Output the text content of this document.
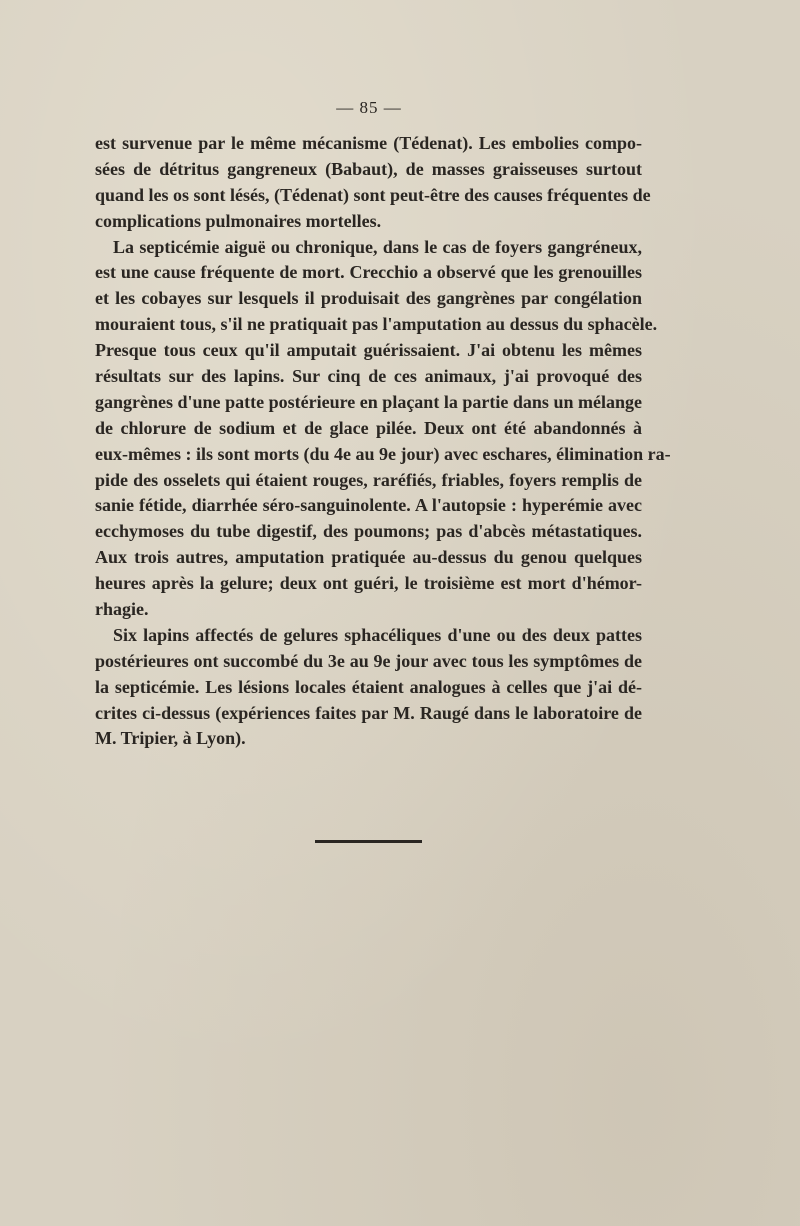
— 85 —
est survenue par le même mécanisme (Tédenat). Les embolies compo-
sées de détritus gangreneux (Babaut), de masses graisseuses surtout
quand les os sont lésés, (Tédenat) sont peut-être des causes fréquentes de
complications pulmonaires mortelles.
La septicémie aiguë ou chronique, dans le cas de foyers gangréneux,
est une cause fréquente de mort. Crecchio a observé que les grenouilles
et les cobayes sur lesquels il produisait des gangrènes par congélation
mouraient tous, s'il ne pratiquait pas l'amputation au dessus du sphacèle.
Presque tous ceux qu'il amputait guérissaient. J'ai obtenu les mêmes
résultats sur des lapins. Sur cinq de ces animaux, j'ai provoqué des
gangrènes d'une patte postérieure en plaçant la partie dans un mélange
de chlorure de sodium et de glace pilée. Deux ont été abandonnés à
eux-mêmes : ils sont morts (du 4e au 9e jour) avec eschares, élimination ra-
pide des osselets qui étaient rouges, raréfiés, friables, foyers remplis de
sanie fétide, diarrhée séro-sanguinolente. A l'autopsie : hyperémie avec
ecchymoses du tube digestif, des poumons; pas d'abcès métastatiques.
Aux trois autres, amputation pratiquée au-dessus du genou quelques
heures après la gelure; deux ont guéri, le troisième est mort d'hémor-
rhagie.
Six lapins affectés de gelures sphacéliques d'une ou des deux pattes
postérieures ont succombé du 3e au 9e jour avec tous les symptômes de
la septicémie. Les lésions locales étaient analogues à celles que j'ai dé-
crites ci-dessus (expériences faites par M. Raugé dans le laboratoire de
M. Tripier, à Lyon).
